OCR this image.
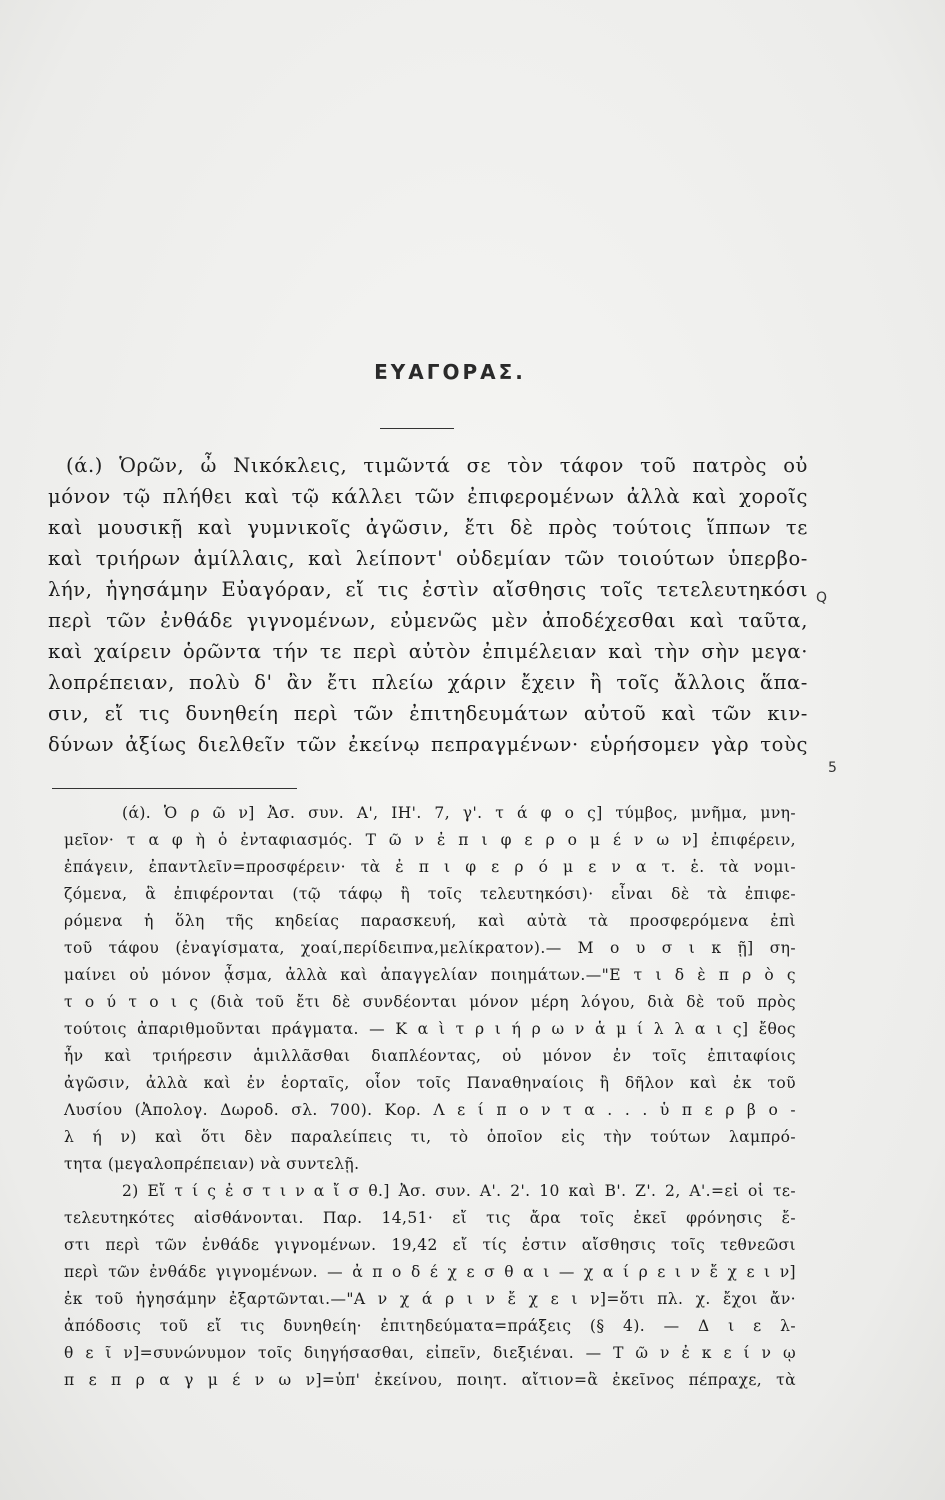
ΕΥΑΓΟΡΑΣ.
(ά.) Ὁρῶν, ὦ Νικόκλεις, τιμῶντά σε τὸν τάφον τοῦ πατρὸς οὐ
μόνον τῷ πλήθει καὶ τῷ κάλλει τῶν ἐπιφερομένων ἀλλὰ καὶ χοροῖς
καὶ μουσικῇ καὶ γυμνικοῖς ἀγῶσιν, ἔτι δὲ πρὸς τούτοις ἵππων τε
καὶ τριήρων ἁμίλλαις, καὶ λείποντ' οὐδεμίαν τῶν τοιούτων ὑπερβο-
λήν, ἡγησάμην Εὐαγόραν, εἴ τις ἐστὶν αἴσθησις τοῖς τετελευτηκόσι
περὶ τῶν ἐνθάδε γιγνομένων, εὐμενῶς μὲν ἀποδέχεσθαι καὶ ταῦτα,
καὶ χαίρειν ὁρῶντα τήν τε περὶ αὐτὸν ἐπιμέλειαν καὶ τὴν σὴν μεγα·
λοπρέπειαν, πολὺ δ' ἂν ἔτι πλείω χάριν ἔχειν ἢ τοῖς ἄλλοις ἅπα-
σιν, εἴ τις δυνηθείη περὶ τῶν ἐπιτηδευμάτων αὐτοῦ καὶ τῶν κιν-
δύνων ἀξίως διελθεῖν τῶν ἐκείνῳ πεπραγμένων· εὑρήσομεν γὰρ τοὺς
Q
5
(ά). Ὁ ρ ῶ ν] Ἀσ. συν. Α', ΙΗ'. 7, γ'. τ ά φ ο ς] τύμβος, μνῆμα, μνη-
μεῖον· τ α φ ὴ ὁ ἐνταφιασμός. Τ ῶ ν ἐ π ι φ ε ρ ο μ έ ν ω ν] ἐπιφέρειν,
ἐπάγειν, ἐπαντλεῖν=προσφέρειν· τὰ ἐ π ι φ ε ρ ό μ ε ν α τ. ἑ. τὰ νομι-
ζόμενα, ἃ ἐπιφέρονται (τῷ τάφῳ ἢ τοῖς τελευτηκόσι)· εἶναι δὲ τὰ ἐπιφε-
ρόμενα ἡ ὅλη τῆς κηδείας παρασκευή, καὶ αὐτὰ τὰ προσφερόμενα ἐπὶ
τοῦ τάφου (ἐναγίσματα, χοαί,περίδειπνα,μελίκρατον).— Μ ο υ σ ι κ ῇ] ση-
μαίνει οὐ μόνον ᾆσμα, ἀλλὰ καὶ ἀπαγγελίαν ποιημάτων.—"Ε τ ι δ ὲ π ρ ὸ ς
τ ο ύ τ ο ι ς (διὰ τοῦ ἔτι δὲ συνδέονται μόνον μέρη λόγου, διὰ δὲ τοῦ πρὸς
τούτοις ἀπαριθμοῦνται πράγματα. — Κ α ὶ τ ρ ι ή ρ ω ν ἁ μ ί λ λ α ι ς] ἔθος
ἦν καὶ τριήρεσιν ἁμιλλᾶσθαι διαπλέοντας, οὐ μόνον ἐν τοῖς ἐπιταφίοις
ἀγῶσιν, ἀλλὰ καὶ ἐν ἑορταῖς, οἷον τοῖς Παναθηναίοις ἢ δῆλον καὶ ἐκ τοῦ
Λυσίου (Ἀπολογ. Δωροδ. σλ. 700). Κορ. Λ ε ί π ο ν τ α . . . ὑ π ε ρ β ο -
λ ή ν) καὶ ὅτι δὲν παραλείπεις τι, τὸ ὁποῖον εἰς τὴν τούτων λαμπρό-
τητα (μεγαλοπρέπειαν) νὰ συντελῇ.
2) Εἴ τ ί ς ἐ σ τ ι ν α ἴ σ θ.] Ἀσ. συν. Α'. 2'. 10 καὶ Β'. Ζ'. 2, Α'.=εἰ οἱ τε-
τελευτηκότες αἰσθάνονται. Παρ. 14,51· εἴ τις ἄρα τοῖς ἐκεῖ φρόνησις ἔ-
στι περὶ τῶν ἐνθάδε γιγνομένων. 19,42 εἴ τίς ἐστιν αἴσθησις τοῖς τεθνεῶσι
περὶ τῶν ἐνθάδε γιγνομένων. — ἀ π ο δ έ χ ε σ θ α ι — χ α ί ρ ε ι ν ἔ χ ε ι ν]
ἐκ τοῦ ἡγησάμην ἐξαρτῶνται.—"Α ν χ ά ρ ι ν ἔ χ ε ι ν]=ὅτι πλ. χ. ἔχοι ἄν·
ἀπόδοσις τοῦ εἴ τις δυνηθείη· ἐπιτηδεύματα=πράξεις (§ 4). — Δ ι ε λ-
θ ε ῖ ν]=συνώνυμον τοῖς διηγήσασθαι, εἰπεῖν, διεξιέναι. — Τ ῶ ν ἐ κ ε ί ν ῳ
π ε π ρ α γ μ έ ν ω ν]=ὑπ' ἐκείνου, ποιητ. αἴτιον=ἃ ἐκεῖνος πέπραχε, τὰ
